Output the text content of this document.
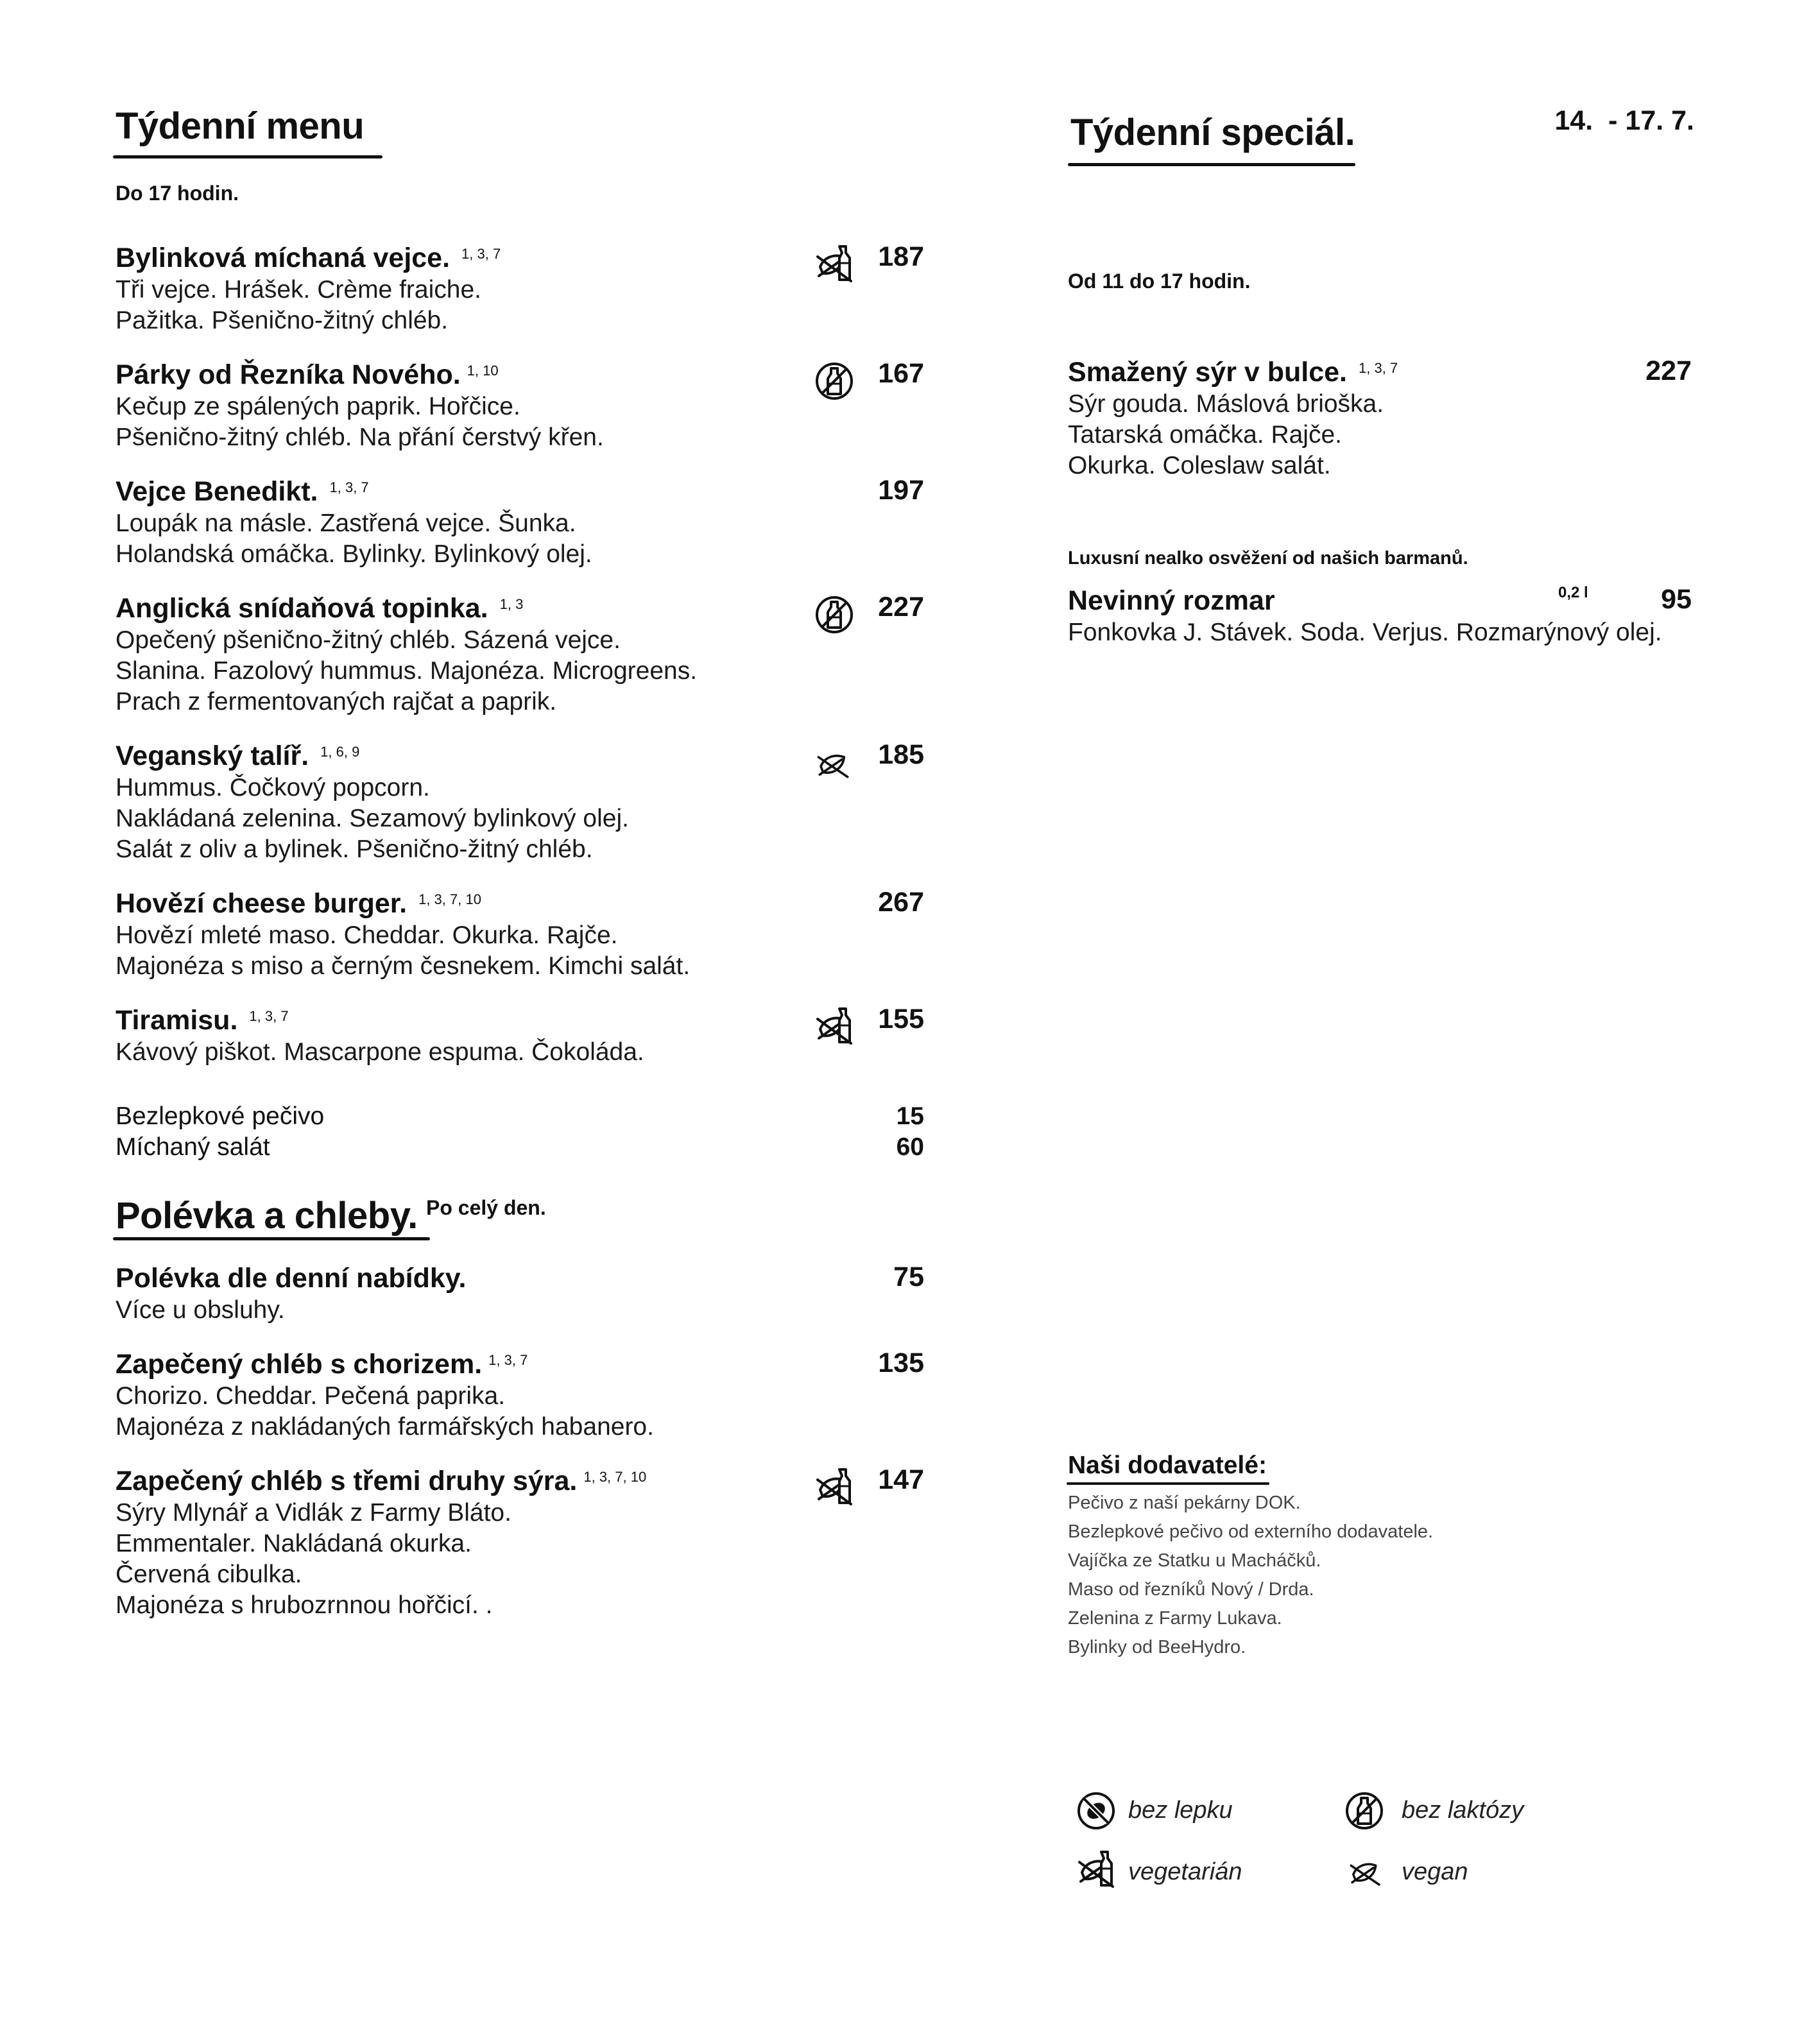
Týdenní menu
Do 17 hodin.
Bylinková míchaná vejce. $^{1, 3, 7}$
Tři vejce. Hrášek. Crème fraiche.
Pažitka. Pšenično-žitný chléb.
187
Párky od Řezníka Nového. $^{1, 10}$
Kečup ze spálených paprik. Hořčice.
Pšenično-žitný chléb. Na přání čerstvý křen.
167
Vejce Benedikt. $^{1, 3, 7}$
Loupák na másle. Zastřená vejce. Šunka.
Holandská omáčka. Bylinky. Bylinkový olej.
197
Anglická snídaňová topinka. $^{1, 3}$
Opečený pšenično-žitný chléb. Sázená vejce.
Slanina. Fazolový hummus. Majonéza. Microgreens.
Prach z fermentovaných rajčat a paprik.
227
Veganský talíř. $^{1, 6, 9}$
Hummus. Čočkový popcorn.
Nakládaná zelenina. Sezamový bylinkový olej.
Salát z oliv a bylinek. Pšenično-žitný chléb.
185
Hovězí cheese burger. $^{1, 3, 7, 10}$
Hovězí mleté maso. Cheddar. Okurka. Rajče.
Majonéza s miso a černým česnekem. Kimchi salát.
267
Tiramisu. $^{1, 3, 7}$
Kávový piškot. Mascarpone espuma. Čokoláda.
155
Bezlepkové pečivo	15
Míchaný salát	60
Polévka a chleby. Po celý den.
Polévka dle denní nabídky.
Více u obsluhy.
75
Zapečený chléb s chorizem. $^{1, 3, 7}$
Chorizo. Cheddar. Pečená paprika.
Majonéza z nakládaných farmářských habanero.
135
Zapečený chléb s třemi druhy sýra. $^{1, 3, 7, 10}$
Sýry Mlynář a Vidlák z Farmy Bláto.
Emmentaler. Nakládaná okurka.
Červená cibulka.
Majonéza s hrubozrnnou hořčicí. .
147
Týdenní speciál.	14.  - 17. 7.
Od 11 do 17 hodin.
Smažený sýr v bulce. $^{1, 3, 7}$
Sýr gouda. Máslová brioška.
Tatarská omáčka. Rajče.
Okurka. Coleslaw salát.
227
Luxusní nealko osvěžení od našich barmanů.
Nevinný rozmar
Fonkovka J. Stávek. Soda. Verjus. Rozmarýnový olej.
0,2 l	95
Naši dodavatelé:
Pečivo z naší pekárny DOK.
Bezlepkové pečivo od externího dodavatele.
Vajíčka ze Statku u Macháčků.
Maso od řezníků Nový / Drda.
Zelenina z Farmy Lukava.
Bylinky od BeeHydro.
bez lepku	bez laktózy
vegetarián	vegan
